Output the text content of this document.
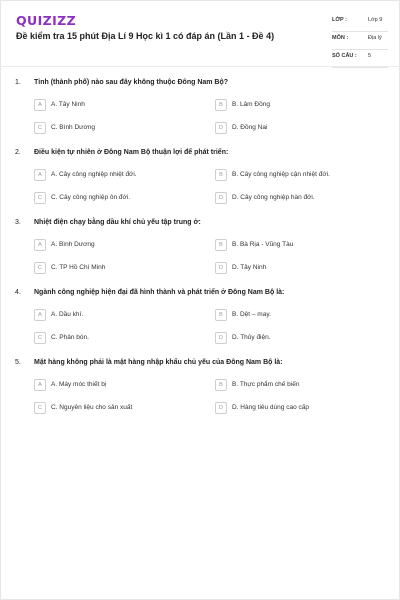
QUIZIZZ
Đề kiểm tra 15 phút Địa Lí 9 Học kì 1 có đáp án (Lần 1 - Đề 4)
LỚP :	Lớp 9
MÔN :	Địa lý
SỐ CÂU : 5
1. Tỉnh (thành phố) nào sau đây không thuộc Đông Nam Bộ?
A	A. Tây Ninh	B	B. Lâm Đồng
C	C. Bình Dương	D	D. Đồng Nai
2. Điều kiện tự nhiên ở Đông Nam Bộ thuận lợi để phát triển:
A	A. Cây công nghiệp nhiệt đới.	B	B. Cây công nghiệp cận nhiệt đới.
C	C. Cây công nghiệp ôn đới.	D	D. Cây công nghiệp hàn đới.
3. Nhiệt điện chạy bằng dầu khí chủ yếu tập trung ở:
A	A. Bình Dương	B	B. Bà Rịa - Vũng Tàu
C	C. TP Hồ Chí Minh	D	D. Tây Ninh
4. Ngành công nghiệp hiện đại đã hình thành và phát triển ở Đông Nam Bộ là:
A	A. Dầu khí.	B	B. Dệt – may.
C	C. Phân bón.	D	D. Thủy điện.
5. Mặt hàng không phải là mặt hàng nhập khẩu chủ yếu của Đông Nam Bộ là:
A	A. Máy móc thiết bị	B	B. Thực phẩm chế biến
C	C. Nguyên liệu cho sản xuất	D	D. Hàng tiêu dùng cao cấp
